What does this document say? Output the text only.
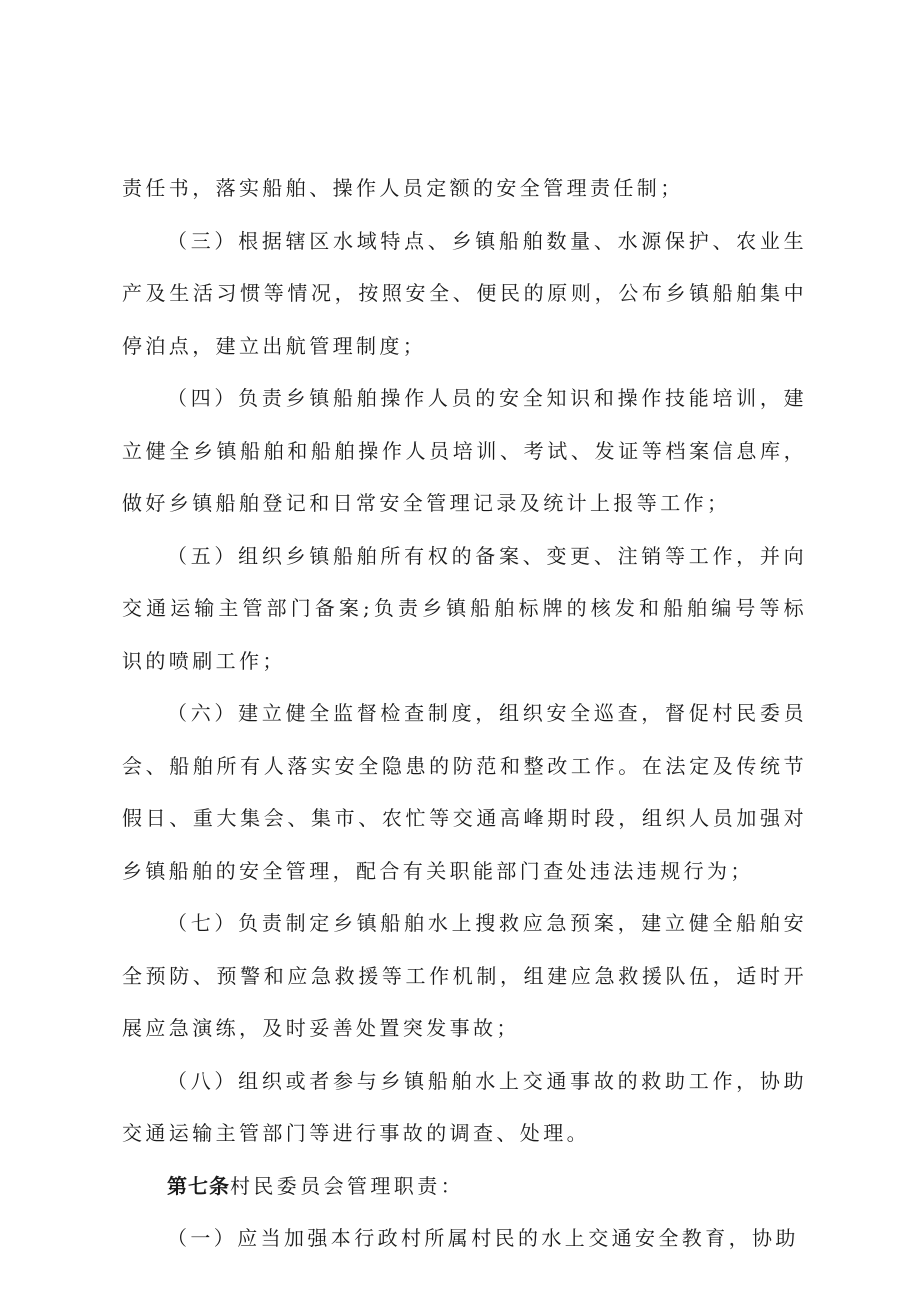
责任书，落实船舶、操作人员定额的安全管理责任制；

（三）根据辖区水域特点、乡镇船舶数量、水源保护、农业生产及生活习惯等情况，按照安全、便民的原则，公布乡镇船舶集中停泊点，建立出航管理制度；

（四）负责乡镇船舶操作人员的安全知识和操作技能培训，建立健全乡镇船舶和船舶操作人员培训、考试、发证等档案信息库，做好乡镇船舶登记和日常安全管理记录及统计上报等工作；

（五）组织乡镇船舶所有权的备案、变更、注销等工作，并向交通运输主管部门备案;负责乡镇船舶标牌的核发和船舶编号等标识的喷刷工作；

（六）建立健全监督检查制度，组织安全巡查，督促村民委员会、船舶所有人落实安全隐患的防范和整改工作。在法定及传统节假日、重大集会、集市、农忙等交通高峰期时段，组织人员加强对乡镇船舶的安全管理，配合有关职能部门查处违法违规行为；

（七）负责制定乡镇船舶水上搜救应急预案，建立健全船舶安全预防、预警和应急救援等工作机制，组建应急救援队伍，适时开展应急演练，及时妥善处置突发事故；

（八）组织或者参与乡镇船舶水上交通事故的救助工作，协助交通运输主管部门等进行事故的调查、处理。

第七条村民委员会管理职责：

（一）应当加强本行政村所属村民的水上交通安全教育，协助
